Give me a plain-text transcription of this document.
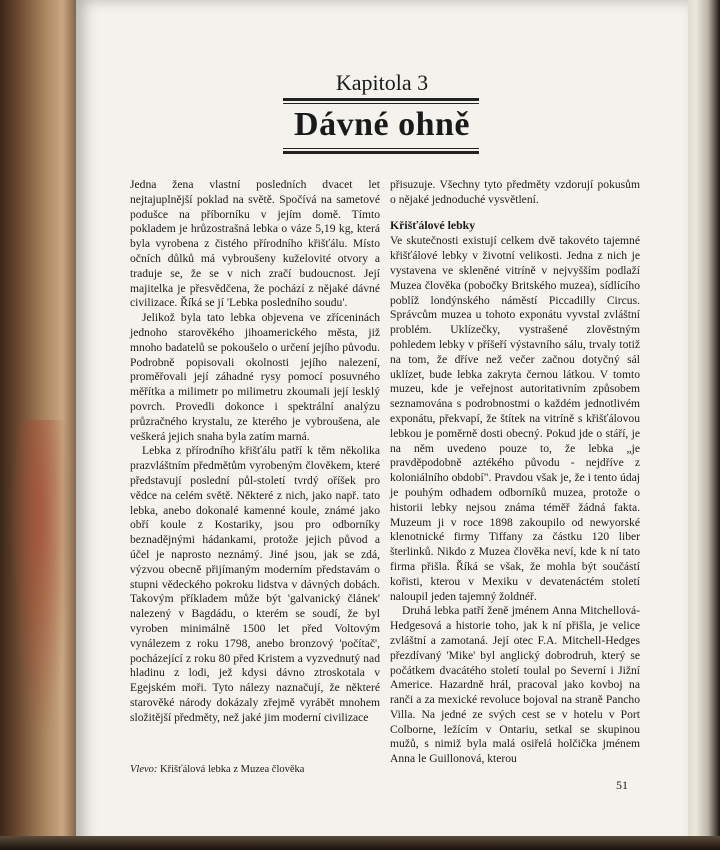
Kapitola 3
Dávné ohně

Jedna žena vlastní posledních dvacet let nejtajuplnější poklad na světě. Spočívá na sametové podušce na příborníku v jejím domě. Tímto pokladem je hrůzostrašná lebka o váze 5,19 kg, která byla vyrobena z čistého přírodního křišťálu. Místo očních důlků má vybroušeny kuželovité otvory a traduje se, že se v nich zračí budoucnost. Její majitelka je přesvědčena, že pochází z nějaké dávné civilizace. Říká se jí 'Lebka posledního soudu'.

Jelikož byla tato lebka objevena ve zříceninách jednoho starověkého jihoamerického města, již mnoho badatelů se pokoušelo o určení jejího původu. Podrobně popisovali okolnosti jejího nalezení, proměřovali její záhadné rysy pomocí posuvného měřítka a milimetr po milimetru zkoumali její lesklý povrch. Provedli dokonce i spektrální analýzu průzračného krystalu, ze kterého je vybroušena, ale veškerá jejich snaha byla zatím marná.

Lebka z přírodního křišťálu patří k těm několika prazvláštním předmětům vyrobeným člověkem, které představují poslední půl-století tvrdý oříšek pro vědce na celém světě. Některé z nich, jako např. tato lebka, anebo dokonalé kamenné koule, známé jako obří koule z Kostariky, jsou pro odborníky beznadějnými hádankami, protože jejich původ a účel je naprosto neznámý. Jiné jsou, jak se zdá, výzvou obecně přijímaným moderním představám o stupni vědeckého pokroku lidstva v dávných dobách. Takovým příkladem může být 'galvanický článek' nalezený v Bagdádu, o kterém se soudí, že byl vyroben minimálně 1500 let před Voltovým vynálezem z roku 1798, anebo bronzový 'počítač', pocházející z roku 80 před Kristem a vyzvednutý nad hladinu z lodi, jež kdysi dávno ztroskotala v Egejském moři. Tyto nálezy naznačují, že některé starověké národy dokázaly zřejmě vyrábět mnohem složitější předměty, než jaké jim moderní civilizace

přisuzuje. Všechny tyto předměty vzdorují pokusům o nějaké jednoduché vysvětlení.

Křišťálové lebky

Ve skutečnosti existují celkem dvě takovéto tajemné křišťálové lebky v životní velikosti. Jedna z nich je vystavena ve skleněné vitríně v nejvyšším podlaží Muzea člověka (pobočky Britského muzea), sídlícího poblíž londýnského náměstí Piccadilly Circus. Správcům muzea u tohoto exponátu vyvstal zvláštní problém. Uklízečky, vystrašené zlověstným pohledem lebky v příšeří výstavního sálu, trvaly totiž na tom, že dříve než večer začnou dotyčný sál uklízet, bude lebka zakryta černou látkou. V tomto muzeu, kde je veřejnost autoritativním způsobem seznamována s podrobnostmi o každém jednotlivém exponátu, překvapí, že štítek na vitríně s křišťálovou lebkou je poměrně dosti obecný. Pokud jde o stáří, je na něm uvedeno pouze to, že lebka „je pravděpodobně aztékého původu - nejdříve z koloniálního období". Pravdou však je, že i tento údaj je pouhým odhadem odborníků muzea, protože o historii lebky nejsou známa téměř žádná fakta. Muzeum ji v roce 1898 zakoupilo od newyorské klenotnické firmy Tiffany za částku 120 liber šterlinků. Nikdo z Muzea člověka neví, kde k ní tato firma přišla. Říká se však, že mohla být součástí kořisti, kterou v Mexiku v devatenáctém století naloupil jeden tajemný žoldnéř.

Druhá lebka patří ženě jménem Anna Mitchellová-Hedgesová a historie toho, jak k ní přišla, je velice zvláštní a zamotaná. Její otec F.A. Mitchell-Hedges přezdívaný 'Mike' byl anglický dobrodruh, který se počátkem dvacátého století toulal po Severní i Jižní Americe. Hazardně hrál, pracoval jako kovboj na ranči a za mexické revoluce bojoval na straně Pancho Villa. Na jedné ze svých cest se v hotelu v Port Colborne, ležícím v Ontariu, setkal se skupinou mužů, s nimiž byla malá osiřelá holčička jménem Anna le Guillonová, kterou

Vlevo: Křišťálová lebka z Muzea člověka
51
